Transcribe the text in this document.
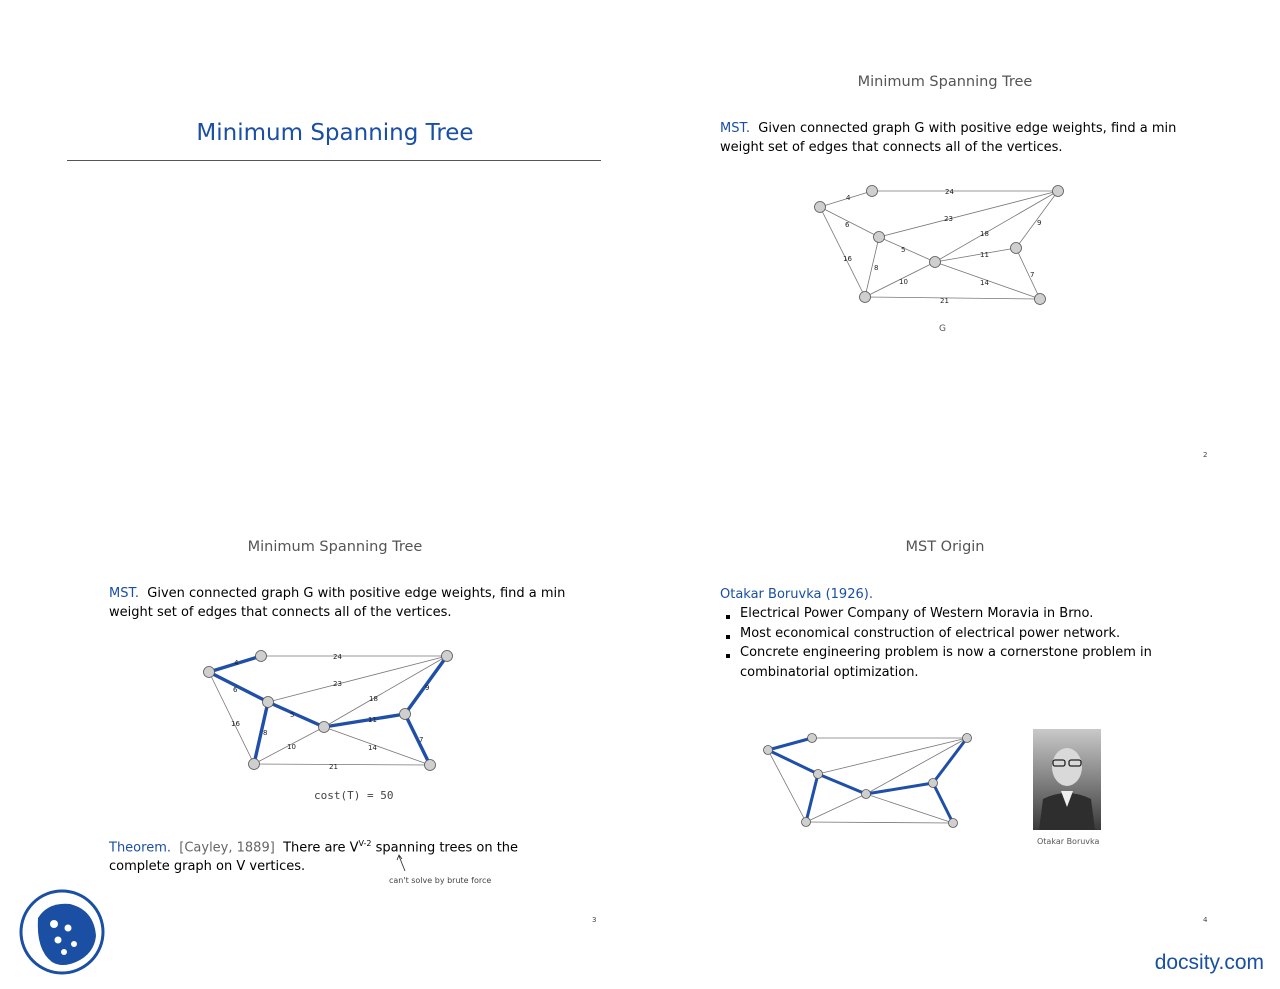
Minimum Spanning Tree
Minimum Spanning Tree
MST. Given connected graph G with positive edge weights, find a min
weight set of edges that connects all of the vertices.
4
24
6
23
18
9
5
11
16
8
7
10	14
21
G
2
Minimum Spanning Tree
MST. Given connected graph G with positive edge weights, find a min
weight set of edges that connects all of the vertices.
4
24
6
23
18
9
5
11
16
8
7
10	14
21
cost(T) = 50
Theorem. [Cayley, 1889] There are $V^{V-2}$ spanning trees on the
complete graph on V vertices.
can't solve by brute force
3
MST Origin
Otakar Boruvka (1926).
Electrical Power Company of Western Moravia in Brno.
Most economical construction of electrical power network.
Concrete engineering problem is now a cornerstone problem in
combinatorial optimization.
Otakar Boruvka
4
docsity.com
